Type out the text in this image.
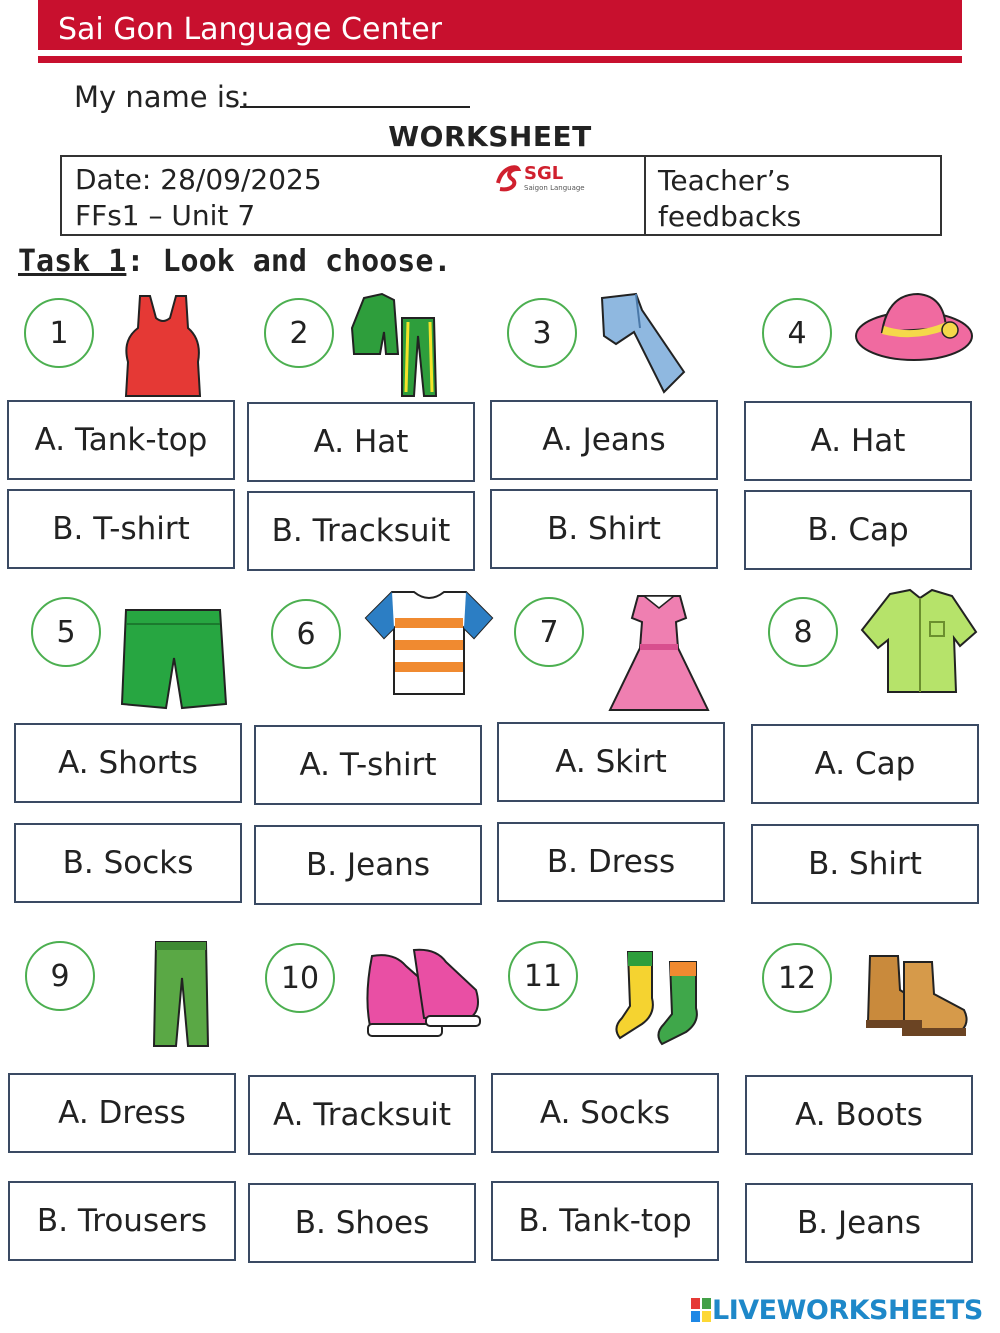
Sai Gon Language Center
My name is:
WORKSHEET
Date: 28/09/2025
FFs1 – Unit 7
SGL
Saigon Language	Teacher’s feedbacks
Task 1: Look and choose.
1
A. Tank-top
B. T-shirt
2
A. Hat
B. Tracksuit
3
A. Jeans
B. Shirt
4
A. Hat
B. Cap
5
A. Shorts
B. Socks
6
A. T-shirt
B. Jeans
7
A. Skirt
B. Dress
8
A. Cap
B. Shirt
9
A. Dress
B. Trousers
10
A. Tracksuit
B. Shoes
11
A. Socks
B. Tank-top
12
A. Boots
B. Jeans
LIVEWORKSHEETS
